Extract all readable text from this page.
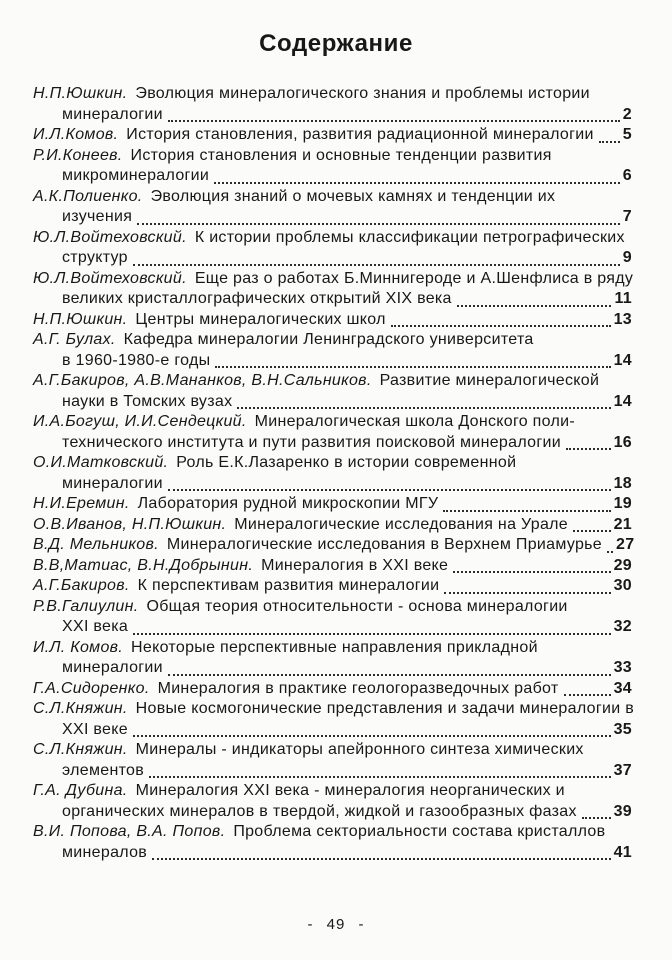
Содержание
Н.П.Юшкин. Эволюция минералогического знания и проблемы истории
минералогии	2
И.Л.Комов. История становления, развития радиационной минералогии 5
Р.И.Конеев. История становления и основные тенденции развития
микроминералогии	6
А.К.Полиенко. Эволюция знаний о мочевых камнях и тенденции их
изучения	7
Ю.Л.Войтеховский. К истории проблемы классификации петрографических
структур	9
Ю.Л.Войтеховский. Еще раз о работах Б.Миннигероде и А.Шенфлиса в ряду
великих кристаллографических открытий XIX века	11
Н.П.Юшкин. Центры минералогических школ	13
А.Г. Булах. Кафедра минералогии Ленинградского университета
в 1960-1980-е годы	14
А.Г.Бакиров, А.В.Мананков, В.Н.Сальников. Развитие минералогической
науки в Томских вузах	14
И.А.Богуш, И.И.Сендецкий. Минералогическая школа Донского поли-
технического института и пути развития поисковой минералогии	16
О.И.Матковский. Роль Е.К.Лазаренко в истории современной
минералогии	18
Н.И.Еремин. Лаборатория рудной микроскопии МГУ	19
О.В.Иванов, Н.П.Юшкин. Минералогические исследования на Урале	21
В.Д. Мельников. Минералогические исследования в Верхнем Приамурье 27
В.В,Матиас, В.Н.Добрынин. Минералогия в XXI веке	29
А.Г.Бакиров. К перспективам развития минералогии	30
Р.В.Галиулин. Общая теория относительности - основа минералогии
XXI века	32
И.Л. Комов. Некоторые перспективные направления прикладной
минералогии	33
Г.А.Сидоренко. Минералогия в практике геологоразведочных работ	34
С.Л.Княжин. Новые космогонические представления и задачи минералогии в
XXI веке	35
С.Л.Княжин. Минералы - индикаторы апейронного синтеза химических
элементов	37
Г.А. Дубина. Минералогия XXI века - минералогия неорганических и
органических минералов в твердой, жидкой и газообразных фазах 39
В.И. Попова, В.А. Попов. Проблема секториальности состава кристаллов
минералов	41
- 49 -
